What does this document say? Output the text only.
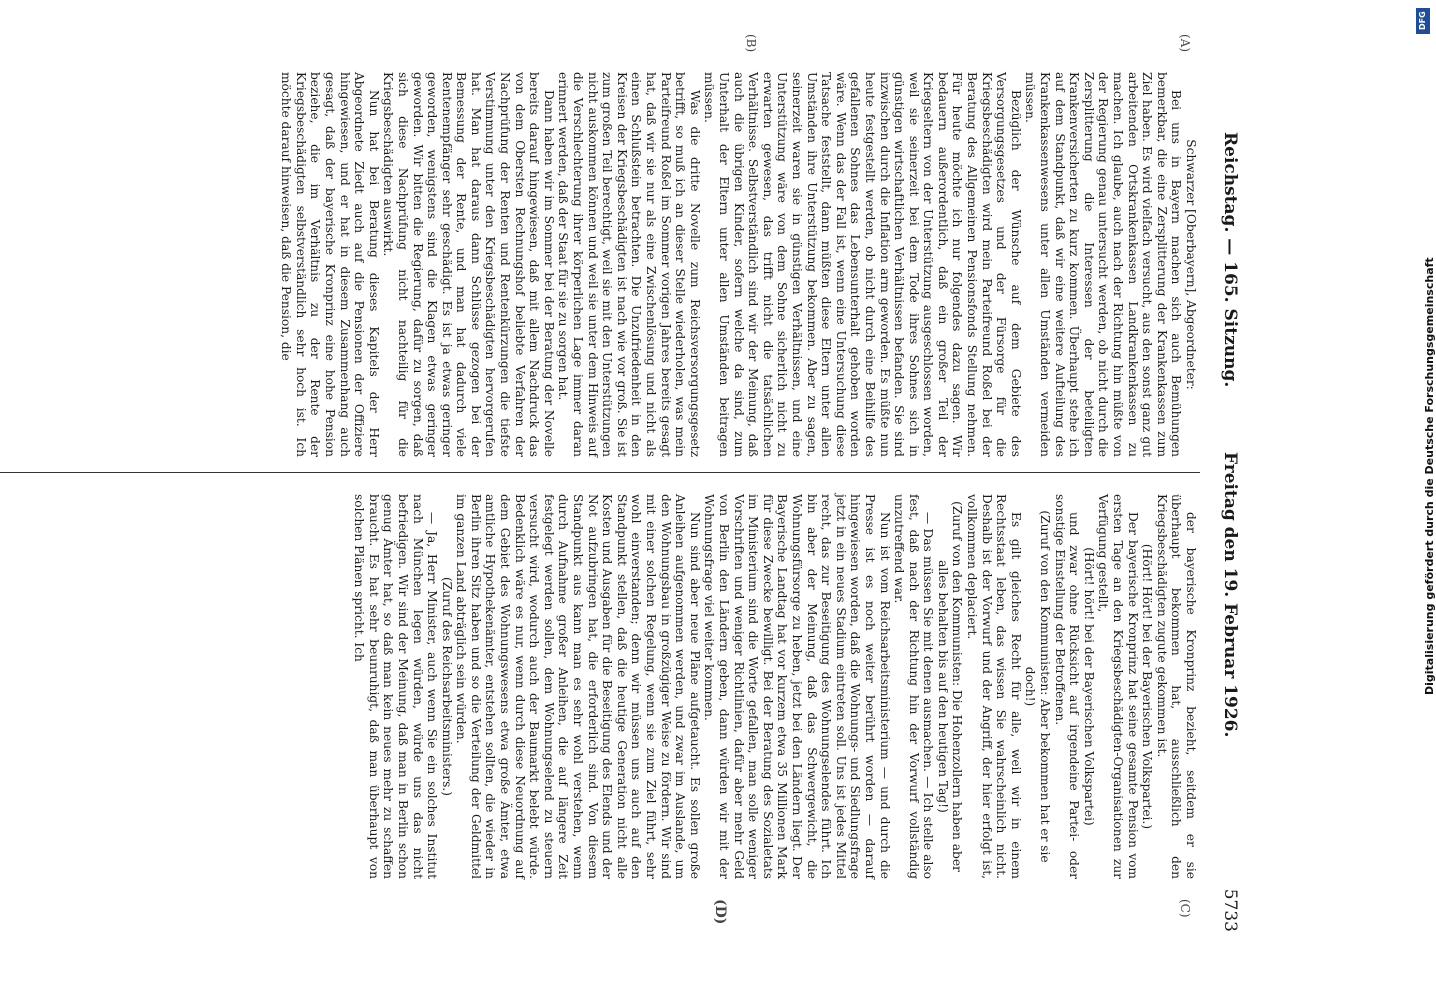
Reichstag. — 165. Sitzung.
Freitag den 19. Februar 1926.
5733
(A)
(B)
(C)
(D)

Schwarzer [Oberbayern], Abgeordneter:

Bei uns in Bayern machen sich auch Bemühungen bemerkbar, die eine Zersplitterung der Krankenkassen zum Ziel haben. Es wird vielfach versucht, aus den sonst ganz gut arbeitenden Ortskrankenkassen Landkrankenkassen zu machen. Ich glaube, auch nach der Richtung hin müßte von der Regierung genau untersucht werden, ob nicht durch die Zersplitterung die Interessen der beteiligten Krankenversicherten zu kurz kommen. Überhaupt stehe ich auf dem Standpunkt, daß wir eine weitere Aufteilung des Krankenkassenwesens unter allen Umständen vermeiden müssen.

Bezüglich der Wünsche auf dem Gebiete des Versorgungsgesetzes und der Fürsorge für die Kriegsbeschädigten wird mein Parteifreund Roßel bei der Beratung des Allgemeinen Pensionsfonds Stellung nehmen. Für heute möchte ich nur folgendes dazu sagen. Wir bedauern außerordentlich, daß ein großer Teil der Kriegseltern von der Unterstützung ausgeschlossen worden, weil sie seinerzeit bei dem Tode ihres Sohnes sich in günstigen wirtschaftlichen Verhältnissen befanden. Sie sind inzwischen durch die Inflation arm geworden. Es müßte nun heute festgestellt werden, ob nicht durch eine Beihilfe des gefallenen Sohnes das Lebensunterhalt gehoben worden wäre. Wenn das der Fall ist, wenn eine Untersuchung diese Tatsache feststellt, dann müßten diese Eltern unter allen Umständen ihre Unterstützung bekommen. Aber zu sagen, seinerzeit waren sie in günstigen Verhältnissen, und eine Unterstützung wäre von dem Sohne sicherlich nicht zu erwarten gewesen, das trifft nicht die tatsächlichen Verhältnisse. Selbstverständlich sind wir der Meinung, daß auch die übrigen Kinder, sofern welche da sind, zum Unterhalt der Eltern unter allen Umständen beitragen müssen.

Was die dritte Novelle zum Reichsversorgungsgesetz betrifft, so muß ich an dieser Stelle wiederholen, was mein Parteifreund Roßel im Sommer vorigen Jahres bereits gesagt hat, daß wir sie nur als eine Zwischenlösung und nicht als einen Schlußstein betrachten. Die Unzufriedenheit in den Kreisen der Kriegsbeschädigten ist nach wie vor groß. Sie ist zum großen Teil berechtigt, weil sie mit den Unterstützungen nicht auskommen können und weil sie unter dem Hinweis auf die Verschlechterung ihrer körperlichen Lage immer daran erinnert werden, daß der Staat für sie zu sorgen hat.

Dann haben wir im Sommer bei der Beratung der Novelle bereits darauf hingewiesen, daß mit allem Nachdruck das von dem Obersten Rechnungshof beliebte Verfahren der Nachprüfung der Renten und Rentenkürzungen die tiefste Verstimmung unter den Kriegsbeschädigten hervorgerufen hat. Man hat daraus dann Schlüsse gezogen bei der Bemessung der Rente, und man hat dadurch viele Rentenempfänger sehr geschädigt. Es ist ja etwas geringer geworden, wenigstens sind die Klagen etwas geringer geworden. Wir bitten die Regierung, dafür zu sorgen, daß sich diese Nachprüfung nicht nachteilig für die Kriegsbeschädigten auswirkt.

Nun hat bei Beratung dieses Kapitels der Herr Abgeordnete Ziedt auch auf die Pensionen der Offiziere hingewiesen, und er hat in diesem Zusammenhang auch gesagt, daß der bayerische Kronprinz eine hohe Pension beziehe, die im Verhältnis zu der Rente der Kriegsbeschädigten selbstverständlich sehr hoch ist. Ich möchte darauf hinweisen, daß die Pension, die

der bayerische Kronprinz bezieht, seitdem er sie überhaupt bekommen hat, ausschließlich den Kriegsbeschädigten zugute gekommen ist.

(Hört! Hört! bei der Bayerischen Volkspartei.)

Der bayerische Kronprinz hat seine gesamte Pension vom ersten Tage an den Kriegsbeschädigten-Organisationen zur Verfügung gestellt,

(Hört! hört! bei der Bayerischen Volkspartei)

und zwar ohne Rücksicht auf irgendeine Partei- oder sonstige Einstellung der Betroffenen.

(Zuruf von den Kommunisten: Aber bekommen hat er sie doch!)

Es gilt gleiches Recht für alle, weil wir in einem Rechtsstaat leben, das wissen Sie wahrscheinlich nicht. Deshalb ist der Vorwurf und der Angriff, der hier erfolgt ist, vollkommen deplaciert.

(Zuruf von den Kommunisten: Die Hohenzollern haben aber alles behalten bis auf den heutigen Tag!)

— Das müssen Sie mit denen ausmachen. — Ich stelle also fest, daß nach der Richtung hin der Vorwurf vollständig unzutreffend war.

Nun ist vom Reichsarbeitsministerium — und durch die Presse ist es noch weiter berührt worden — darauf hingewiesen worden, daß die Wohnungs- und Siedlungsfrage jetzt in ein neues Stadium eintreten soll. Uns ist jedes Mittel recht, das zur Beseitigung des Wohnungselendes führt. Ich bin aber der Meinung, daß das Schwergewicht, die Wohnungsfürsorge zu heben, jetzt bei den Ländern liegt. Der Bayerische Landtag hat vor kurzem etwa 35 Millionen Mark für diese Zwecke bewilligt. Bei der Beratung des Sozialetats im Ministerium sind die Worte gefallen, man solle weniger Vorschriften und weniger Richtlinien, dafür aber mehr Geld von Berlin den Ländern geben, dann würden wir mit der Wohnungsfrage viel weiter kommen.

Nun sind aber neue Pläne aufgetaucht. Es sollen große Anleihen aufgenommen werden, und zwar im Auslande, um den Wohnungsbau in großzügiger Weise zu fördern. Wir sind mit einer solchen Regelung, wenn sie zum Ziel führt, sehr wohl einverstanden; denn wir müssen uns auch auf den Standpunkt stellen, daß die heutige Generation nicht alle Kosten und Ausgaben für die Beseitigung des Elends und der Not aufzubringen hat, die erforderlich sind. Von diesem Standpunkt aus kann man es sehr wohl verstehen, wenn durch Aufnahme großer Anleihen, die auf längere Zeit festgelegt werden sollen, dem Wohnungselend zu steuern versucht wird, wodurch auch der Baumarkt belebt würde. Bedenklich wäre es nur, wenn durch diese Neuordnung auf dem Gebiet des Wohnungswesens etwa große Ämter, etwa amtliche Hypothekenämter, entstehen sollten, die wieder in Berlin ihren Sitz haben und so die Verteilung der Geldmittel im ganzen Land abträglich sein würden.

(Zuruf des Reichsarbeitsministers.)

— Ja, Herr Minister, auch wenn Sie ein solches Institut nach München legen würden, würde uns das nicht befriedigen. Wir sind der Meinung, daß man in Berlin schon genug Ämter hat, so daß man kein neues mehr zu schaffen braucht. Es hat sehr beunruhigt, daß man überhaupt von solchen Plänen spricht. Ich

DFG
Digitalisierung gefördert durch die Deutsche Forschungsgemeinschaft
